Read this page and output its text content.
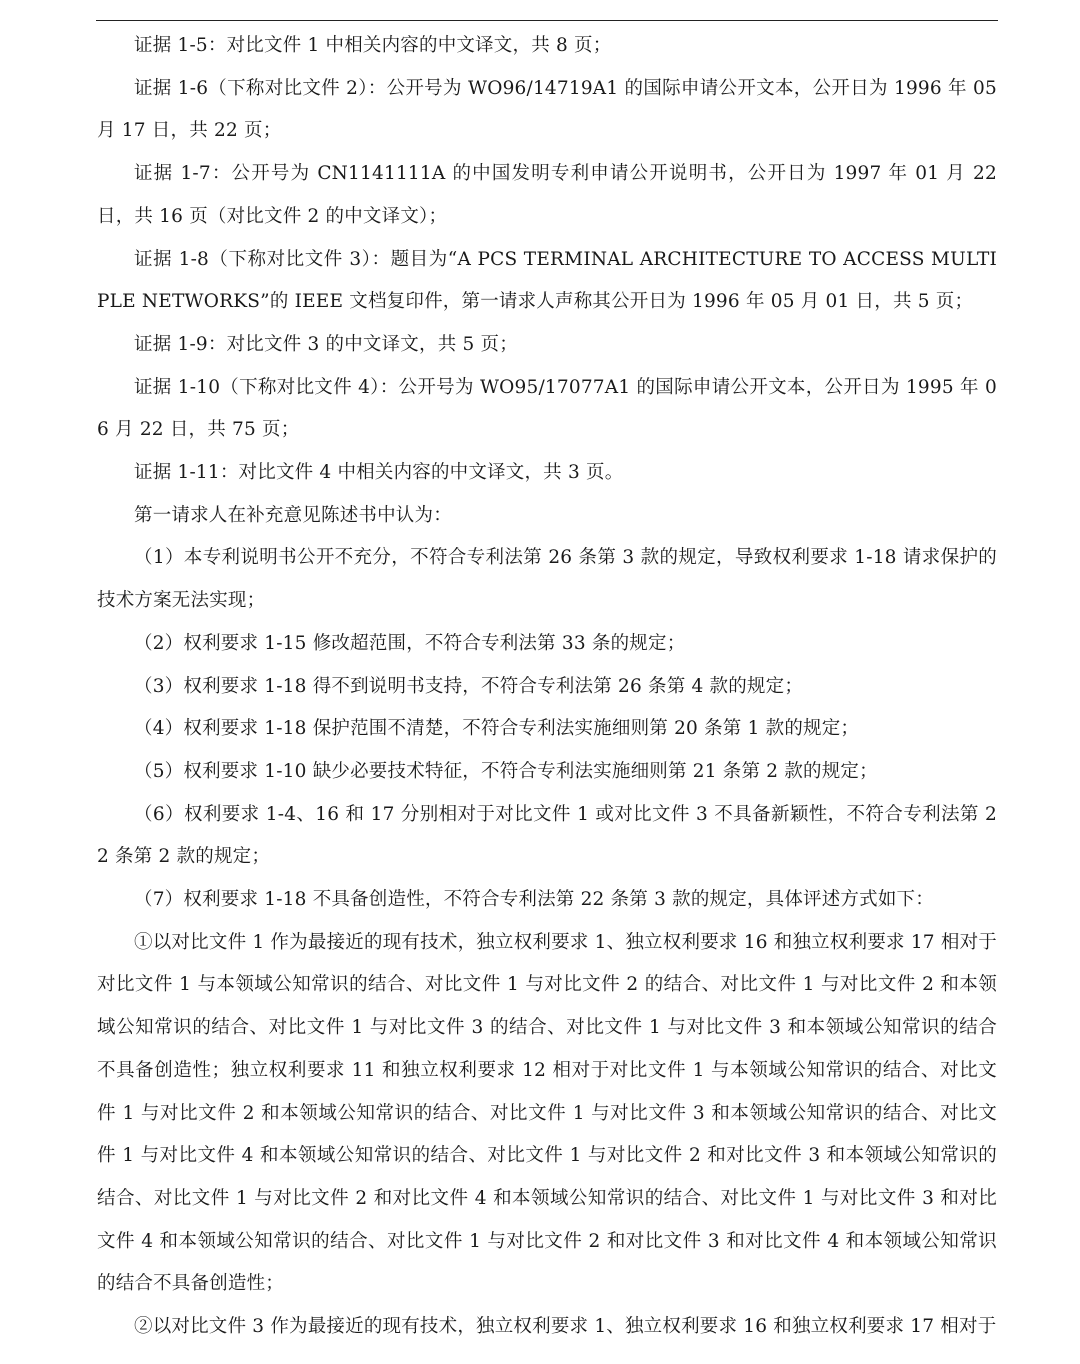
证据 1-5：对比文件 1 中相关内容的中文译文，共 8 页；

证据 1-6（下称对比文件 2）：公开号为 WO96/14719A1 的国际申请公开文本，公开日为 1996 年 05 月 17 日，共 22 页；

证据 1-7：公开号为 CN1141111A 的中国发明专利申请公开说明书，公开日为 1997 年 01 月 22 日，共 16 页（对比文件 2 的中文译文）；

证据 1-8（下称对比文件 3）：题目为“A PCS TERMINAL ARCHITECTURE TO ACCESS MULTIPLE NETWORKS”的 IEEE 文档复印件，第一请求人声称其公开日为 1996 年 05 月 01 日，共 5 页；

证据 1-9：对比文件 3 的中文译文，共 5 页；

证据 1-10（下称对比文件 4）：公开号为 WO95/17077A1 的国际申请公开文本，公开日为 1995 年 06 月 22 日，共 75 页；

证据 1-11：对比文件 4 中相关内容的中文译文，共 3 页。

第一请求人在补充意见陈述书中认为：

（1）本专利说明书公开不充分，不符合专利法第 26 条第 3 款的规定，导致权利要求 1-18 请求保护的技术方案无法实现；

（2）权利要求 1-15 修改超范围，不符合专利法第 33 条的规定；

（3）权利要求 1-18 得不到说明书支持，不符合专利法第 26 条第 4 款的规定；

（4）权利要求 1-18 保护范围不清楚，不符合专利法实施细则第 20 条第 1 款的规定；

（5）权利要求 1-10 缺少必要技术特征，不符合专利法实施细则第 21 条第 2 款的规定；

（6）权利要求 1-4、16 和 17 分别相对于对比文件 1 或对比文件 3 不具备新颖性，不符合专利法第 22 条第 2 款的规定；

（7）权利要求 1-18 不具备创造性，不符合专利法第 22 条第 3 款的规定，具体评述方式如下：

①以对比文件 1 作为最接近的现有技术，独立权利要求 1、独立权利要求 16 和独立权利要求 17 相对于对比文件 1 与本领域公知常识的结合、对比文件 1 与对比文件 2 的结合、对比文件 1 与对比文件 2 和本领域公知常识的结合、对比文件 1 与对比文件 3 的结合、对比文件 1 与对比文件 3 和本领域公知常识的结合不具备创造性；独立权利要求 11 和独立权利要求 12 相对于对比文件 1 与本领域公知常识的结合、对比文件 1 与对比文件 2 和本领域公知常识的结合、对比文件 1 与对比文件 3 和本领域公知常识的结合、对比文件 1 与对比文件 4 和本领域公知常识的结合、对比文件 1 与对比文件 2 和对比文件 3 和本领域公知常识的结合、对比文件 1 与对比文件 2 和对比文件 4 和本领域公知常识的结合、对比文件 1 与对比文件 3 和对比文件 4 和本领域公知常识的结合、对比文件 1 与对比文件 2 和对比文件 3 和对比文件 4 和本领域公知常识的结合不具备创造性；

②以对比文件 3 作为最接近的现有技术，独立权利要求 1、独立权利要求 16 和独立权利要求 17 相对于
